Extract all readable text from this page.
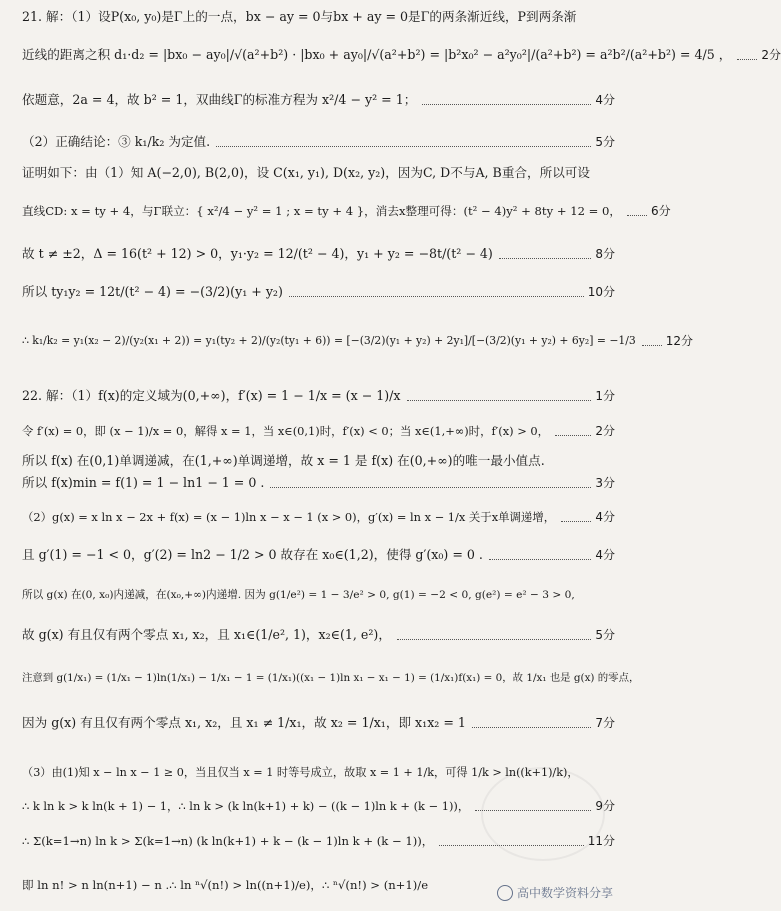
21. 解：（1）设P(x₀, y₀)是Γ上的一点，bx − ay = 0与bx + ay = 0是Γ的两条渐近线，P到两条渐
近线的距离之积 d₁·d₂ = |bx₀ − ay₀|/√(a²+b²) · |bx₀ + ay₀|/√(a²+b²) = |b²x₀² − a²y₀²|/(a²+b²) = a²b²/(a²+b²) = 4/5 ，	2分
依题意，2a = 4，故 b² = 1，双曲线Γ的标准方程为 x²/4 − y² = 1；	4分
（2）正确结论：③ k₁/k₂ 为定值.	5分
证明如下：由（1）知 A(−2,0), B(2,0)，设 C(x₁, y₁), D(x₂, y₂)，因为C, D不与A, B重合，所以可设
直线CD: x = ty + 4，与Γ联立：{ x²/4 − y² = 1 ; x = ty + 4 }，消去x整理可得：(t² − 4)y² + 8ty + 12 = 0，	6分
故 t ≠ ±2，Δ = 16(t² + 12) > 0，y₁·y₂ = 12/(t² − 4)，y₁ + y₂ = −8t/(t² − 4)	8分
所以 ty₁y₂ = 12t/(t² − 4) = −(3/2)(y₁ + y₂)	10分
∴ k₁/k₂ = y₁(x₂ − 2)/(y₂(x₁ + 2)) = y₁(ty₂ + 2)/(y₂(ty₁ + 6)) = [−(3/2)(y₁ + y₂) + 2y₁]/[−(3/2)(y₁ + y₂) + 6y₂] = −1/3	12分
22. 解：（1）f(x)的定义域为(0,+∞)，f′(x) = 1 − 1/x = (x − 1)/x	1分
令 f′(x) = 0，即 (x − 1)/x = 0，解得 x = 1，当 x∈(0,1)时，f′(x) < 0；当 x∈(1,+∞)时，f′(x) > 0，	2分
所以 f(x) 在(0,1)单调递减，在(1,+∞)单调递增，故 x = 1 是 f(x) 在(0,+∞)的唯一最小值点.
所以 f(x)min = f(1) = 1 − ln1 − 1 = 0 .	3分
（2）g(x) = x ln x − 2x + f(x) = (x − 1)ln x − x − 1 (x > 0)，g′(x) = ln x − 1/x 关于x单调递增，	4分
且 g′(1) = −1 < 0，g′(2) = ln2 − 1/2 > 0 故存在 x₀∈(1,2)，使得 g′(x₀) = 0 .	4分
所以 g(x) 在(0, x₀)内递减，在(x₀,+∞)内递增. 因为 g(1/e²) = 1 − 3/e² > 0, g(1) = −2 < 0, g(e²) = e² − 3 > 0,
故 g(x) 有且仅有两个零点 x₁, x₂，且 x₁∈(1/e², 1)，x₂∈(1, e²)，	5分
注意到 g(1/x₁) = (1/x₁ − 1)ln(1/x₁) − 1/x₁ − 1 = (1/x₁)((x₁ − 1)ln x₁ − x₁ − 1) = (1/x₁)f(x₁) = 0，故 1/x₁ 也是 g(x) 的零点，
因为 g(x) 有且仅有两个零点 x₁, x₂，且 x₁ ≠ 1/x₁，故 x₂ = 1/x₁，即 x₁x₂ = 1	7分
（3）由(1)知 x − ln x − 1 ≥ 0，当且仅当 x = 1 时等号成立，故取 x = 1 + 1/k，可得 1/k > ln((k+1)/k)，
∴ k ln k > k ln(k + 1) − 1，∴ ln k > (k ln(k+1) + k) − ((k − 1)ln k + (k − 1))，	9分
∴ Σ(k=1→n) ln k > Σ(k=1→n) (k ln(k+1) + k − (k − 1)ln k + (k − 1))，	11分
即 ln n! > n ln(n+1) − n .∴ ln ⁿ√(n!) > ln((n+1)/e)，∴ ⁿ√(n!) > (n+1)/e
高中数学资料分享
